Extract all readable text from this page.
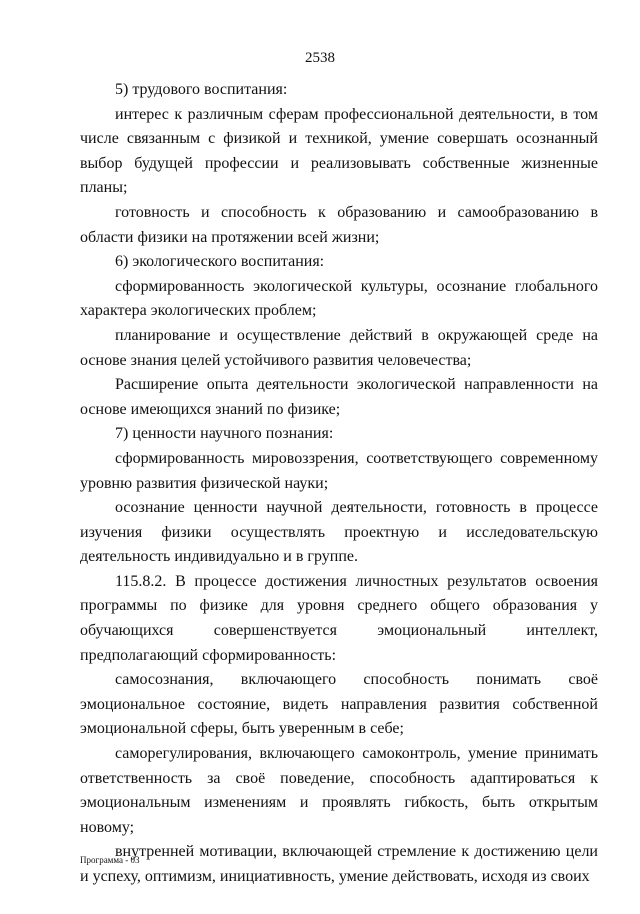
2538

5) трудового воспитания:

интерес к различным сферам профессиональной деятельности, в том числе связанным с физикой и техникой, умение совершать осознанный выбор будущей профессии и реализовывать собственные жизненные планы;

готовность и способность к образованию и самообразованию в области физики на протяжении всей жизни;

6) экологического воспитания:

сформированность экологической культуры, осознание глобального характера экологических проблем;

планирование и осуществление действий в окружающей среде на основе знания целей устойчивого развития человечества;

Расширение опыта деятельности экологической направленности на основе имеющихся знаний по физике;

7) ценности научного познания:

сформированность мировоззрения, соответствующего современному уровню развития физической науки;

осознание ценности научной деятельности, готовность в процессе изучения физики осуществлять проектную и исследовательскую деятельность индивидуально и в группе.

115.8.2. В процессе достижения личностных результатов освоения программы по физике для уровня среднего общего образования у обучающихся совершенствуется эмоциональный интеллект, предполагающий сформированность:

самосознания, включающего способность понимать своё эмоциональное состояние, видеть направления развития собственной эмоциональной сферы, быть уверенным в себе;

саморегулирования, включающего самоконтроль, умение принимать ответственность за своё поведение, способность адаптироваться к эмоциональным изменениям и проявлять гибкость, быть открытым новому;

внутренней мотивации, включающей стремление к достижению цели и успеху, оптимизм, инициативность, умение действовать, исходя из своих

Программа - 03
